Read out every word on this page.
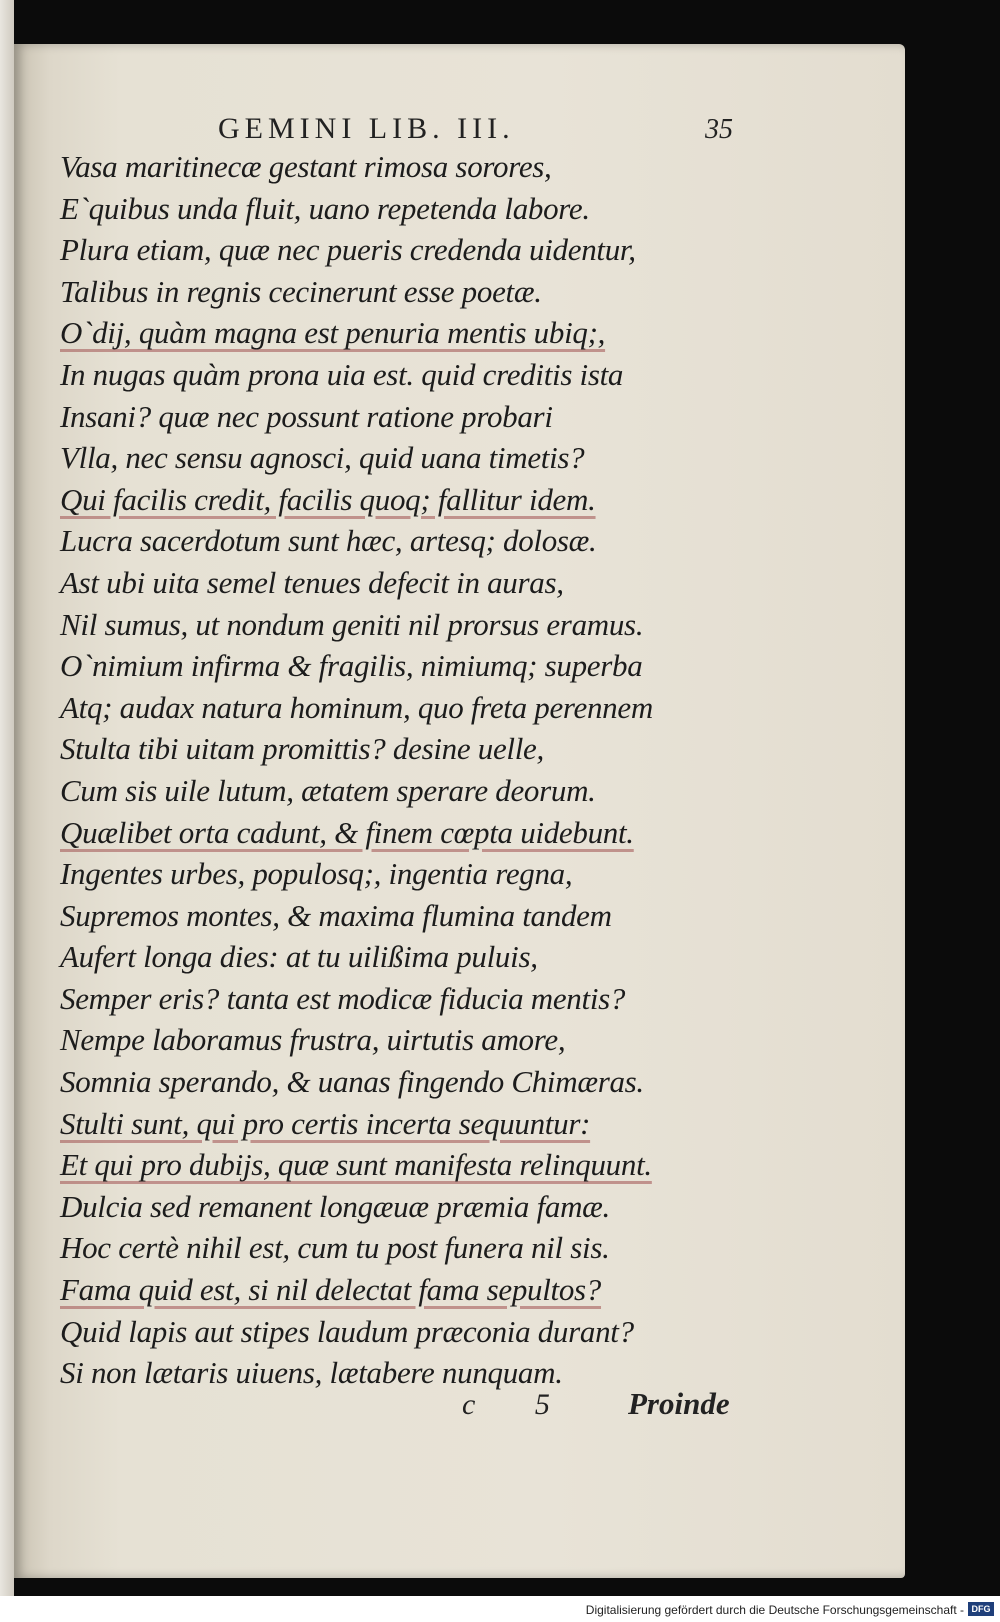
GEMINI LIB. III.	35
Vasa maritinecæ gestant rimosa sorores,
E`quibus unda fluit, uano repetenda labore.
Plura etiam, quæ nec pueris credenda uidentur,
Talibus in regnis cecinerunt esse poetæ.
O`dij, quàm magna est penuria mentis ubiq;,
In nugas quàm prona uia est. quid creditis ista
Insani? quæ nec possunt ratione probari
Vlla, nec sensu agnosci, quid uana timetis?
Qui facilis credit, facilis quoq; fallitur idem.
Lucra sacerdotum sunt hæc, artesq; dolosæ.
Ast ubi uita semel tenues defecit in auras,
Nil sumus, ut nondum geniti nil prorsus eramus.
O`nimium infirma & fragilis, nimiumq; superba
Atq; audax natura hominum, quo freta perennem
Stulta tibi uitam promittis? desine uelle,
Cum sis uile lutum, ætatem sperare deorum.
Quælibet orta cadunt, & finem cœpta uidebunt.
Ingentes urbes, populosq;, ingentia regna,
Supremos montes, & maxima flumina tandem
Aufert longa dies: at tu uilißima puluis,
Semper eris? tanta est modicæ fiducia mentis?
Nempe laboramus frustra, uirtutis amore,
Somnia sperando, & uanas fingendo Chimæras.
Stulti sunt, qui pro certis incerta sequuntur:
Et qui pro dubijs, quæ sunt manifesta relinquunt.
Dulcia sed remanent longæuæ præmia famæ.
Hoc certè nihil est, cum tu post funera nil sis.
Fama quid est, si nil delectat fama sepultos?
Quid lapis aut stipes laudum præconia durant?
Si non lætaris uiuens, lætabere nunquam.
c 5 Proinde
Digitalisierung gefördert durch die Deutsche Forschungsgemeinschaft - DFG
